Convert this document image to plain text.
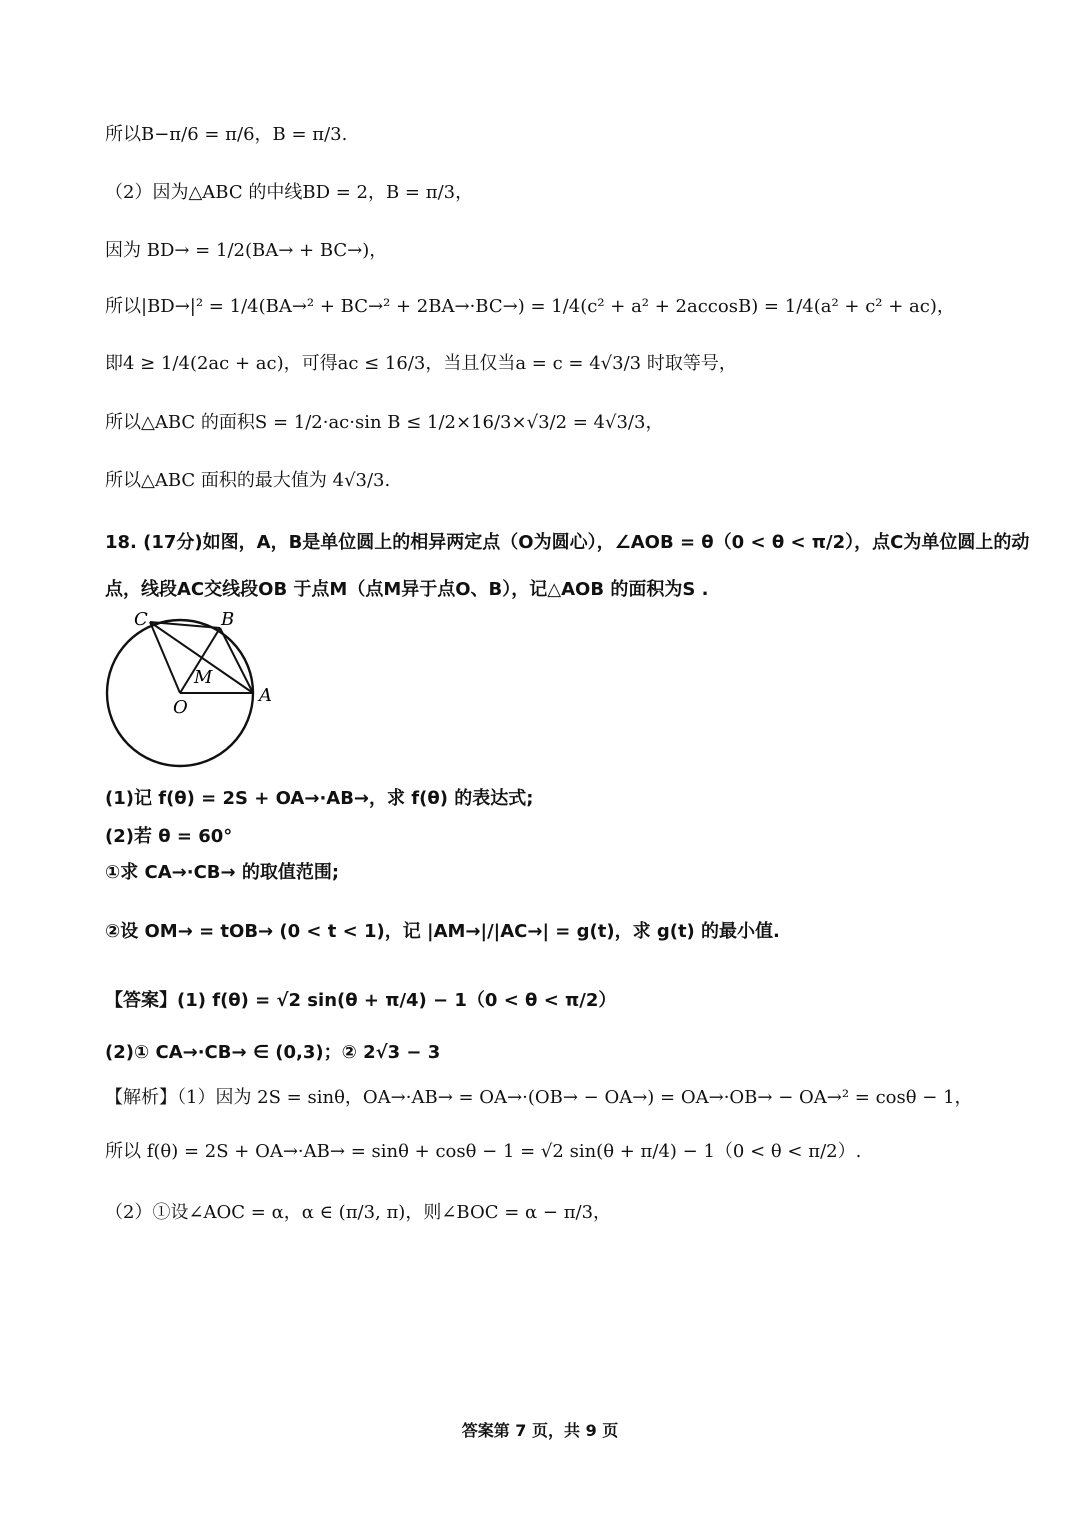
所以B−π/6 = π/6，B = π/3.
（2）因为△ABC 的中线BD = 2，B = π/3，
因为 BD→ = 1/2(BA→ + BC→)，
所以|BD→|² = 1/4(BA→² + BC→² + 2BA→·BC→) = 1/4(c² + a² + 2accosB) = 1/4(a² + c² + ac)，
即4 ≥ 1/4(2ac + ac)，可得ac ≤ 16/3，当且仅当a = c = 4√3/3 时取等号，
所以△ABC 的面积S = 1/2·ac·sin B ≤ 1/2×16/3×√3/2 = 4√3/3，
所以△ABC 面积的最大值为 4√3/3.
18. (17分)如图，A，B是单位圆上的相异两定点（O为圆心），∠AOB = θ（0 < θ < π/2），点C为单位圆上的动
点，线段AC交线段OB 于点M（点M异于点O、B），记△AOB 的面积为S .
C	B
M
O
A
(1)记 f(θ) = 2S + OA→·AB→，求 f(θ) 的表达式;
(2)若 θ = 60°
①求 CA→·CB→ 的取值范围;
②设 OM→ = tOB→ (0 < t < 1)，记 |AM→|/|AC→| = g(t)，求 g(t) 的最小值.
【答案】(1) f(θ) = √2 sin(θ + π/4) − 1（0 < θ < π/2）
(2)① CA→·CB→ ∈ (0,3)；② 2√3 − 3
【解析】（1）因为 2S = sinθ，OA→·AB→ = OA→·(OB→ − OA→) = OA→·OB→ − OA→² = cosθ − 1，
所以 f(θ) = 2S + OA→·AB→ = sinθ + cosθ − 1 = √2 sin(θ + π/4) − 1（0 < θ < π/2）.
（2）①设∠AOC = α，α ∈ (π/3, π)，则∠BOC = α − π/3，
答案第 7 页，共 9 页
